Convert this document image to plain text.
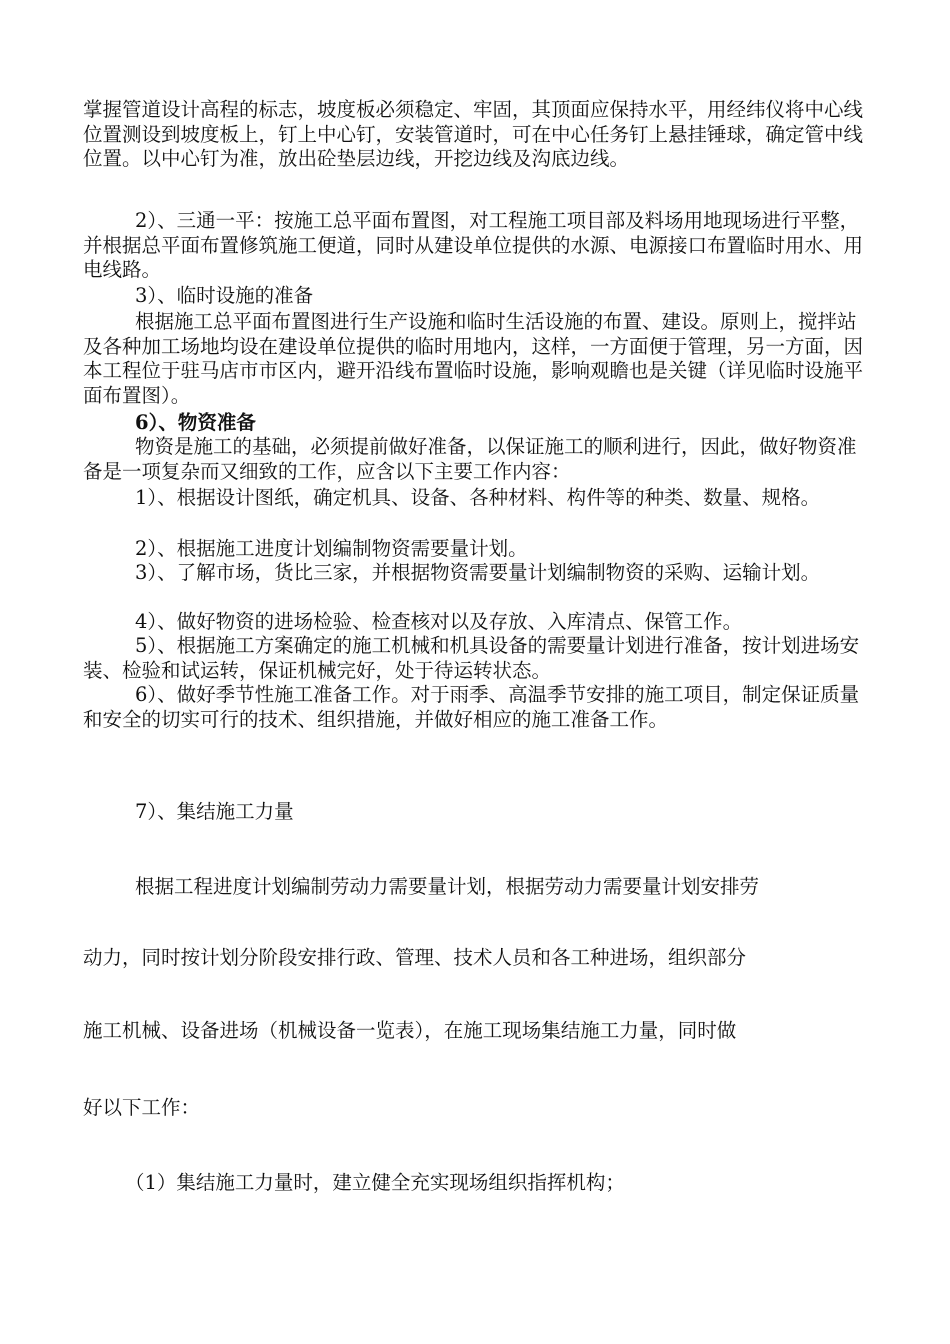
掌握管道设计高程的标志，坡度板必须稳定、牢固，其顶面应保持水平，用经纬仪将中心线位置测设到坡度板上，钉上中心钉，安装管道时，可在中心任务钉上悬挂锤球，确定管中线位置。以中心钉为准，放出砼垫层边线，开挖边线及沟底边线。

2）、三通一平：按施工总平面布置图，对工程施工项目部及料场用地现场进行平整，并根据总平面布置修筑施工便道，同时从建设单位提供的水源、电源接口布置临时用水、用电线路。

3）、临时设施的准备

根据施工总平面布置图进行生产设施和临时生活设施的布置、建设。原则上，搅拌站及各种加工场地均设在建设单位提供的临时用地内，这样，一方面便于管理，另一方面，因本工程位于驻马店市市区内，避开沿线布置临时设施，影响观瞻也是关键（详见临时设施平面布置图）。

6）、物资准备

物资是施工的基础，必须提前做好准备，以保证施工的顺利进行，因此，做好物资准备是一项复杂而又细致的工作，应含以下主要工作内容：

1）、根据设计图纸，确定机具、设备、各种材料、构件等的种类、数量、规格。

2）、根据施工进度计划编制物资需要量计划。

3）、了解市场，货比三家，并根据物资需要量计划编制物资的采购、运输计划。

4）、做好物资的进场检验、检查核对以及存放、入库清点、保管工作。

5）、根据施工方案确定的施工机械和机具设备的需要量计划进行准备，按计划进场安装、检验和试运转，保证机械完好，处于待运转状态。

6）、做好季节性施工准备工作。对于雨季、高温季节安排的施工项目，制定保证质量和安全的切实可行的技术、组织措施，并做好相应的施工准备工作。

7）、集结施工力量

根据工程进度计划编制劳动力需要量计划，根据劳动力需要量计划安排劳

动力，同时按计划分阶段安排行政、管理、技术人员和各工种进场，组织部分

施工机械、设备进场（机械设备一览表），在施工现场集结施工力量，同时做

好以下工作：

（1）集结施工力量时，建立健全充实现场组织指挥机构；
